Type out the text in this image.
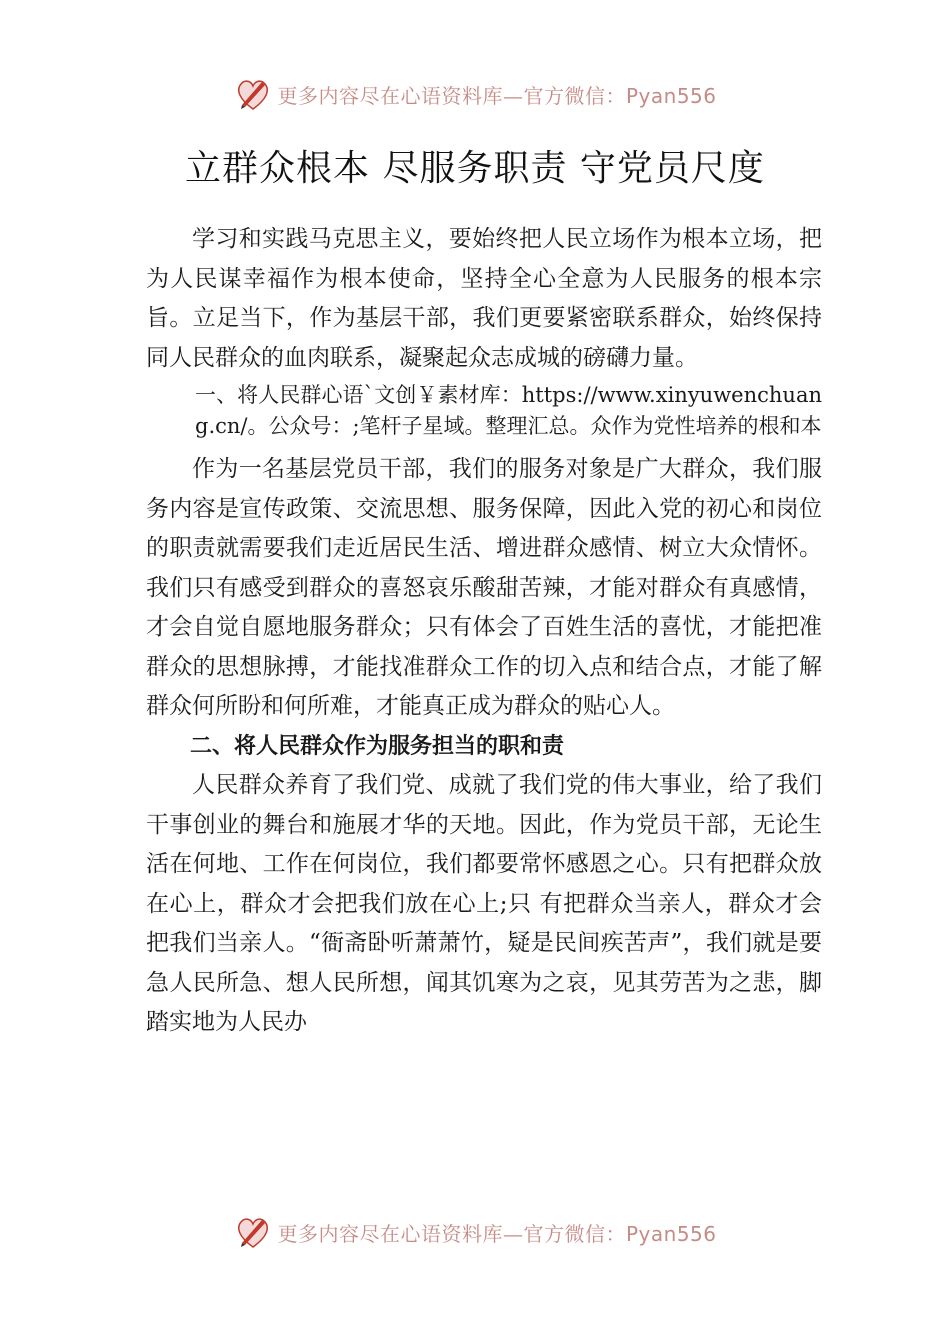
更多内容尽在心语资料库—官方微信：Pyan556
立群众根本 尽服务职责 守党员尺度

学习和实践马克思主义，要始终把人民立场作为根本立场，把为人民谋幸福作为根本使命，坚持全心全意为人民服务的根本宗旨。立足当下，作为基层干部，我们更要紧密联系群众，始终保持同人民群众的血肉联系，凝聚起众志成城的磅礴力量。

一、将人民群心语`文创￥素材库：https://www.xinyuwenchuang.cn/。公众号：;笔杆子星域。整理汇总。众作为党性培养的根和本

作为一名基层党员干部，我们的服务对象是广大群众，我们服务内容是宣传政策、交流思想、服务保障，因此入党的初心和岗位的职责就需要我们走近居民生活、增进群众感情、树立大众情怀。我们只有感受到群众的喜怒哀乐酸甜苦辣，才能对群众有真感情，才会自觉自愿地服务群众；只有体会了百姓生活的喜忧，才能把准群众的思想脉搏，才能找准群众工作的切入点和结合点，才能了解群众何所盼和何所难，才能真正成为群众的贴心人。

二、将人民群众作为服务担当的职和责

人民群众养育了我们党、成就了我们党的伟大事业，给了我们干事创业的舞台和施展才华的天地。因此，作为党员干部，无论生活在何地、工作在何岗位，我们都要常怀感恩之心。只有把群众放在心上，群众才会把我们放在心上;只 有把群众当亲人，群众才会把我们当亲人。“衙斋卧听萧萧竹，疑是民间疾苦声”，我们就是要急人民所急、想人民所想，闻其饥寒为之哀，见其劳苦为之悲，脚踏实地为人民办

更多内容尽在心语资料库—官方微信：Pyan556
